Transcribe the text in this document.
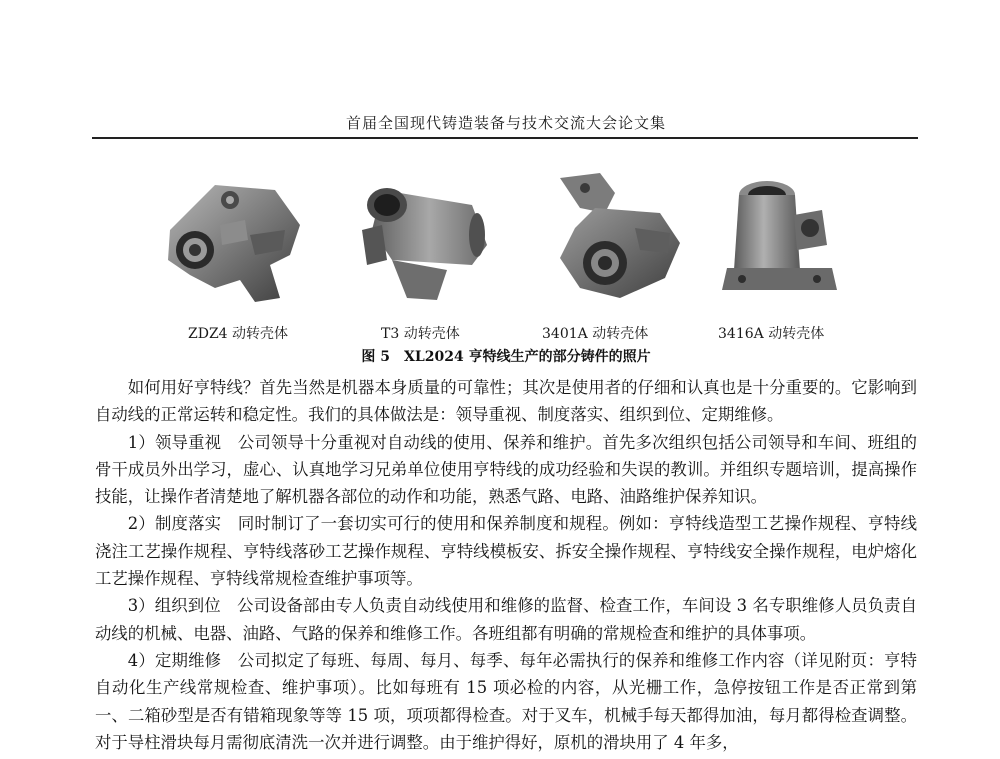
首届全国现代铸造装备与技术交流大会论文集
ZDZ4 动转壳体	T3 动转壳体	3401A 动转壳体	3416A 动转壳体
图 5　XL2024 亨特线生产的部分铸件的照片

如何用好亨特线？首先当然是机器本身质量的可靠性；其次是使用者的仔细和认真也是十分重要的。它影响到自动线的正常运转和稳定性。我们的具体做法是：领导重视、制度落实、组织到位、定期维修。

1）领导重视　公司领导十分重视对自动线的使用、保养和维护。首先多次组织包括公司领导和车间、班组的骨干成员外出学习，虚心、认真地学习兄弟单位使用亨特线的成功经验和失误的教训。并组织专题培训，提高操作技能，让操作者清楚地了解机器各部位的动作和功能，熟悉气路、电路、油路维护保养知识。

2）制度落实　同时制订了一套切实可行的使用和保养制度和规程。例如：亨特线造型工艺操作规程、亨特线浇注工艺操作规程、亨特线落砂工艺操作规程、亨特线模板安、拆安全操作规程、亨特线安全操作规程，电炉熔化工艺操作规程、亨特线常规检查维护事项等。

3）组织到位　公司设备部由专人负责自动线使用和维修的监督、检查工作，车间设 3 名专职维修人员负责自动线的机械、电器、油路、气路的保养和维修工作。各班组都有明确的常规检查和维护的具体事项。

4）定期维修　公司拟定了每班、每周、每月、每季、每年必需执行的保养和维修工作内容（详见附页：亨特自动化生产线常规检查、维护事项）。比如每班有 15 项必检的内容，从光栅工作，急停按钮工作是否正常到第一、二箱砂型是否有错箱现象等等 15 项，项项都得检查。对于叉车，机械手每天都得加油，每月都得检查调整。对于导柱滑块每月需彻底清洗一次并进行调整。由于维护得好，原机的滑块用了 4 年多，
